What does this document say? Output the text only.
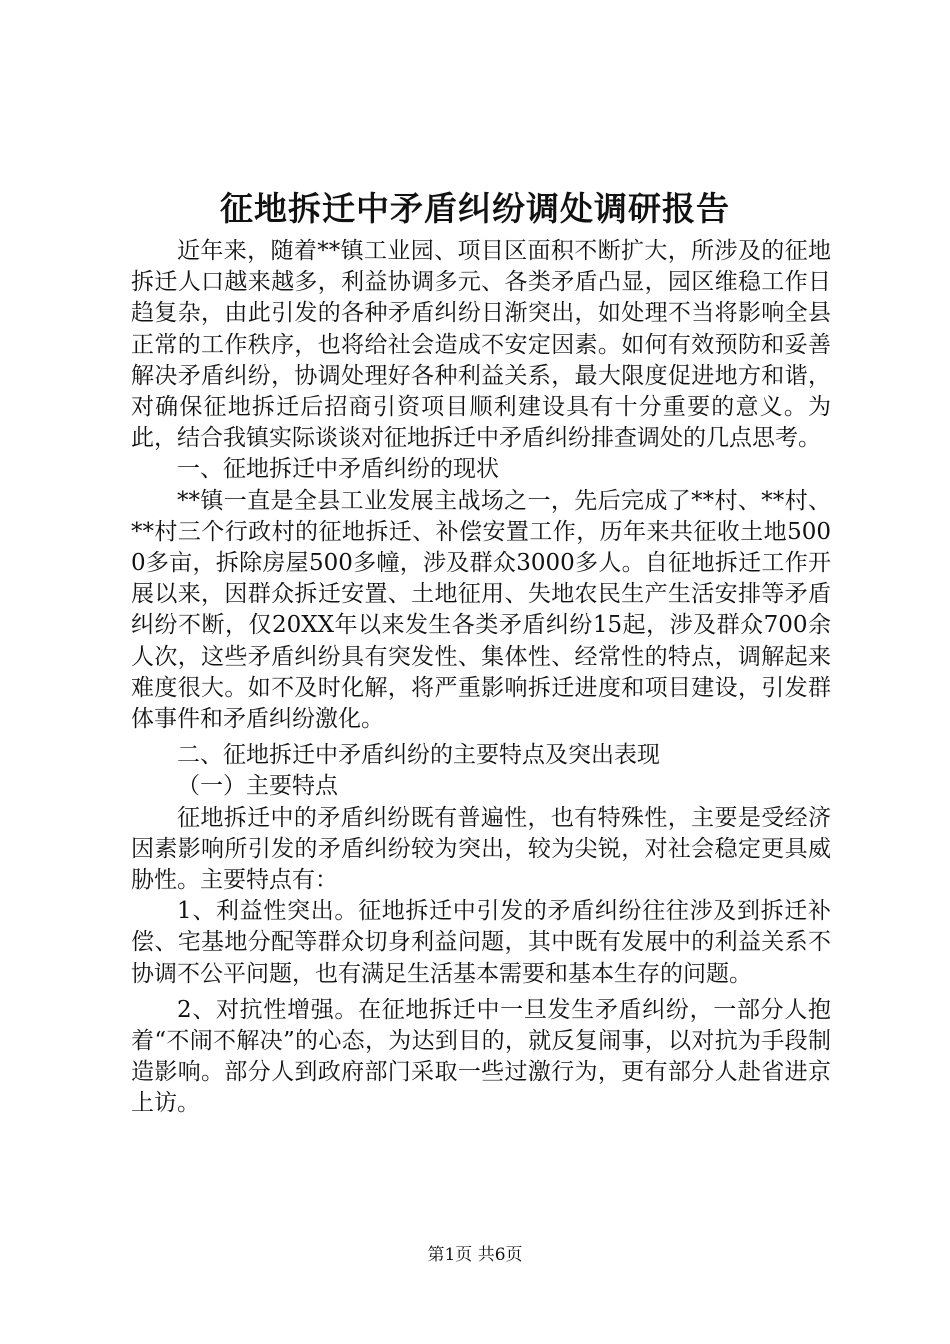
征地拆迁中矛盾纠纷调处调研报告

近年来，随着**镇工业园、项目区面积不断扩大，所涉及的征地拆迁人口越来越多，利益协调多元、各类矛盾凸显，园区维稳工作日趋复杂，由此引发的各种矛盾纠纷日渐突出，如处理不当将影响全县正常的工作秩序，也将给社会造成不安定因素。如何有效预防和妥善解决矛盾纠纷，协调处理好各种利益关系，最大限度促进地方和谐，对确保征地拆迁后招商引资项目顺利建设具有十分重要的意义。为此，结合我镇实际谈谈对征地拆迁中矛盾纠纷排查调处的几点思考。

一、征地拆迁中矛盾纠纷的现状

**镇一直是全县工业发展主战场之一，先后完成了**村、**村、**村三个行政村的征地拆迁、补偿安置工作，历年来共征收土地5000多亩，拆除房屋500多幢，涉及群众3000多人。自征地拆迁工作开展以来，因群众拆迁安置、土地征用、失地农民生产生活安排等矛盾纠纷不断，仅20XX年以来发生各类矛盾纠纷15起，涉及群众700余人次，这些矛盾纠纷具有突发性、集体性、经常性的特点，调解起来难度很大。如不及时化解，将严重影响拆迁进度和项目建设，引发群体事件和矛盾纠纷激化。

二、征地拆迁中矛盾纠纷的主要特点及突出表现

（一）主要特点

征地拆迁中的矛盾纠纷既有普遍性，也有特殊性，主要是受经济因素影响所引发的矛盾纠纷较为突出，较为尖锐，对社会稳定更具威胁性。主要特点有：

1、利益性突出。征地拆迁中引发的矛盾纠纷往往涉及到拆迁补偿、宅基地分配等群众切身利益问题，其中既有发展中的利益关系不协调不公平问题，也有满足生活基本需要和基本生存的问题。

2、对抗性增强。在征地拆迁中一旦发生矛盾纠纷，一部分人抱着“不闹不解决”的心态，为达到目的，就反复闹事，以对抗为手段制造影响。部分人到政府部门采取一些过激行为，更有部分人赴省进京上访。

第1页 共6页
